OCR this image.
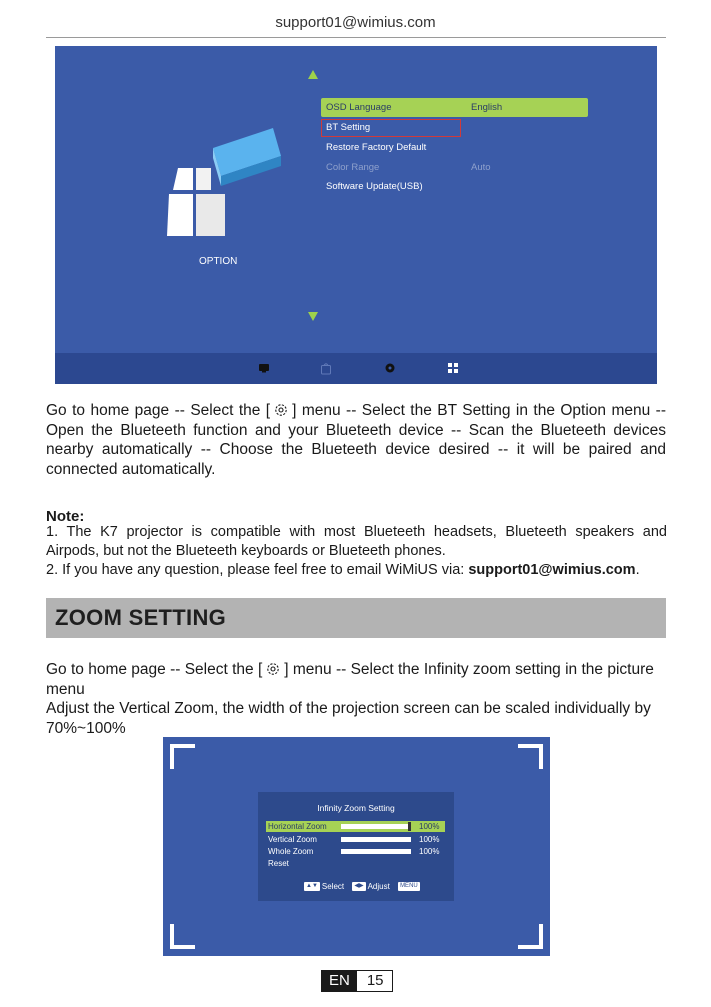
support01@wimius.com
OSD Language	English
BT Setting
Restore Factory Default
Color Range	Auto
Software Update(USB)
OPTION
Go to home page -- Select the [ ] menu -- Select the BT Setting in the Option menu -- Open the Blueteeth function and your Blueteeth device -- Scan the Blueteeth devices nearby automatically -- Choose the Blueteeth device desired -- it will be paired and connected automatically.
Note:
1. The K7 projector is compatible with most Blueteeth headsets, Blueteeth speakers and Airpods, but not the Blueteeth keyboards or Blueteeth phones.
2. If you have any question, please feel free to email WiMiUS via: support01@wimius.com.
ZOOM SETTING
Go to home page -- Select the [ ] menu -- Select the Infinity zoom setting in the picture menu
Adjust the Vertical Zoom, the width of the projection screen can be scaled individually by 70%~100%
Infinity Zoom Setting
Horizontal Zoom	100%
Vertical Zoom	100%
Whole Zoom	100%
Reset
▲▼ Select ◀▶ Adjust MENU
EN	15
